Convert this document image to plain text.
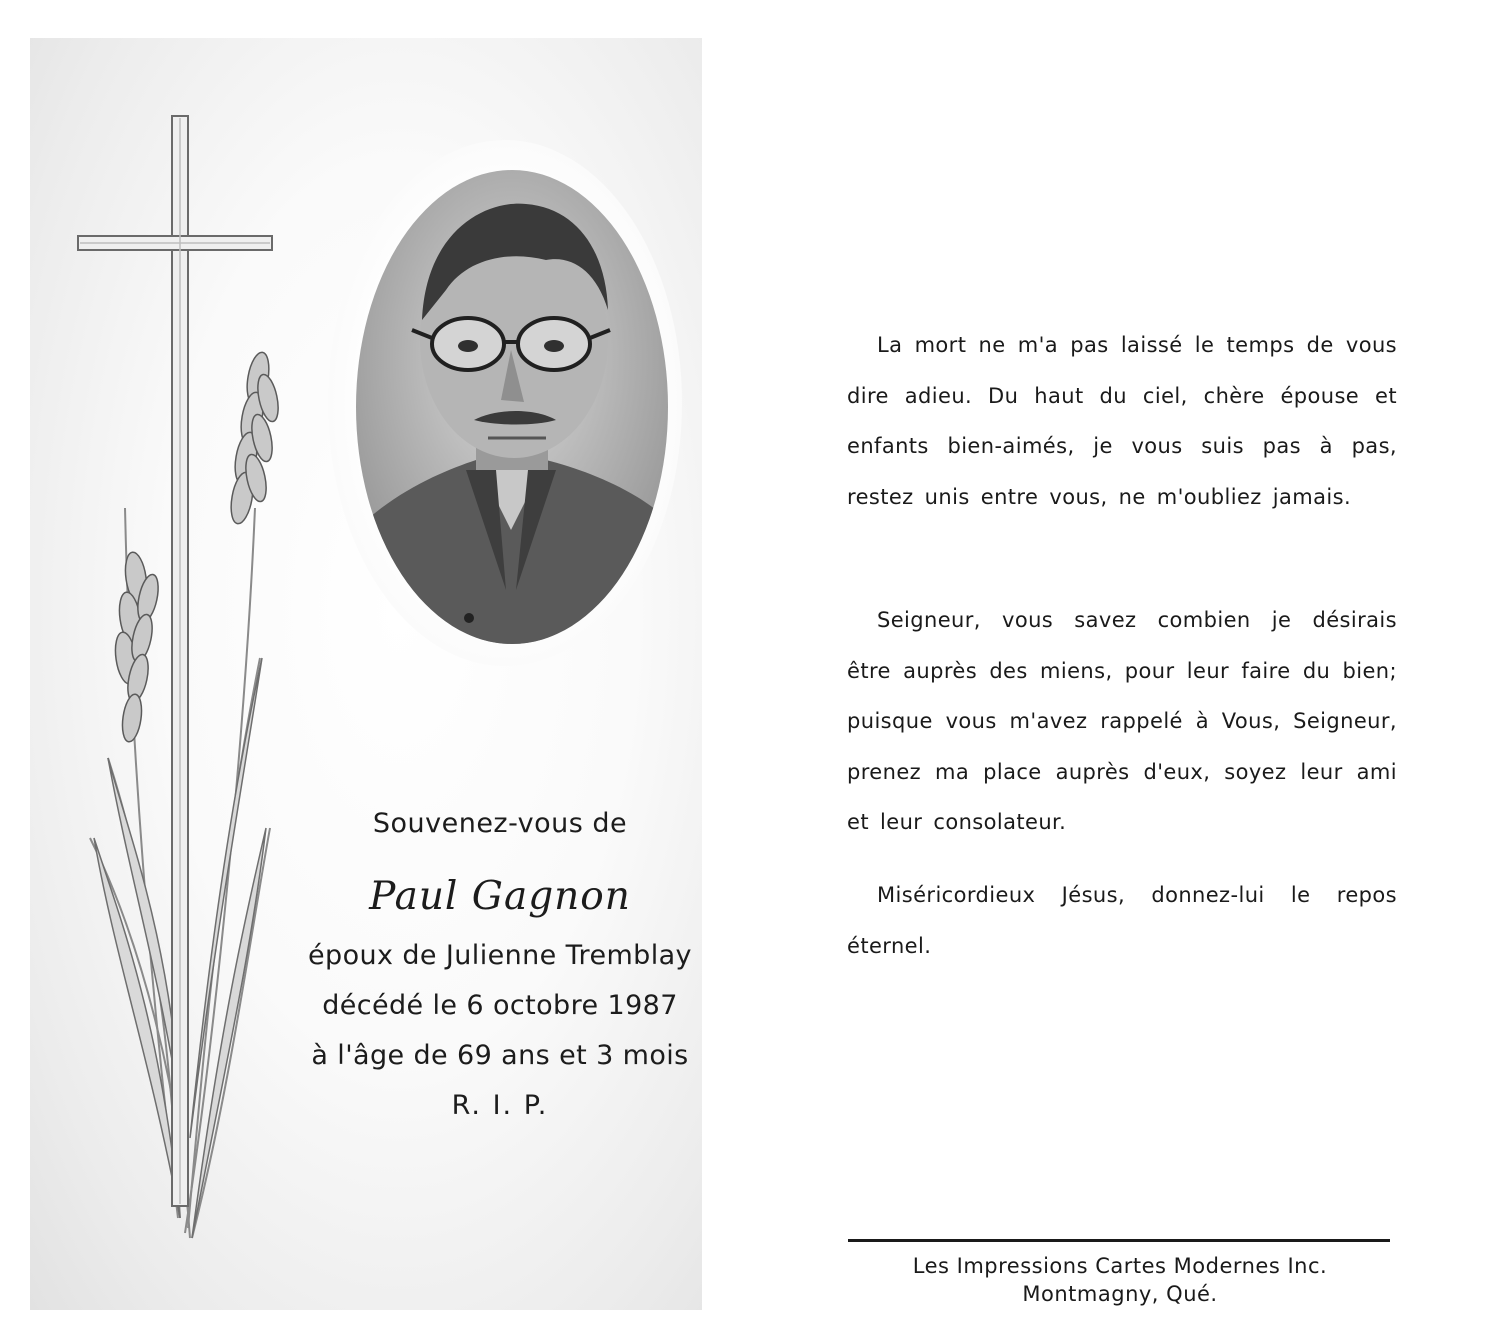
Souvenez-vous de
Paul Gagnon
époux de Julienne Tremblay
décédé le 6 octobre 1987
à l'âge de 69 ans et 3 mois
R. I. P.

La mort ne m'a pas laissé le temps de vous dire adieu. Du haut du ciel, chère épouse et enfants bien-aimés, je vous suis pas à pas, restez unis entre vous, ne m'oubliez jamais.

Seigneur, vous savez combien je désirais être auprès des miens, pour leur faire du bien; puisque vous m'avez rappelé à Vous, Seigneur, prenez ma place auprès d'eux, soyez leur ami et leur consolateur.

Miséricordieux Jésus, donnez-lui le repos éternel.

Les Impressions Cartes Modernes Inc.
Montmagny, Qué.
